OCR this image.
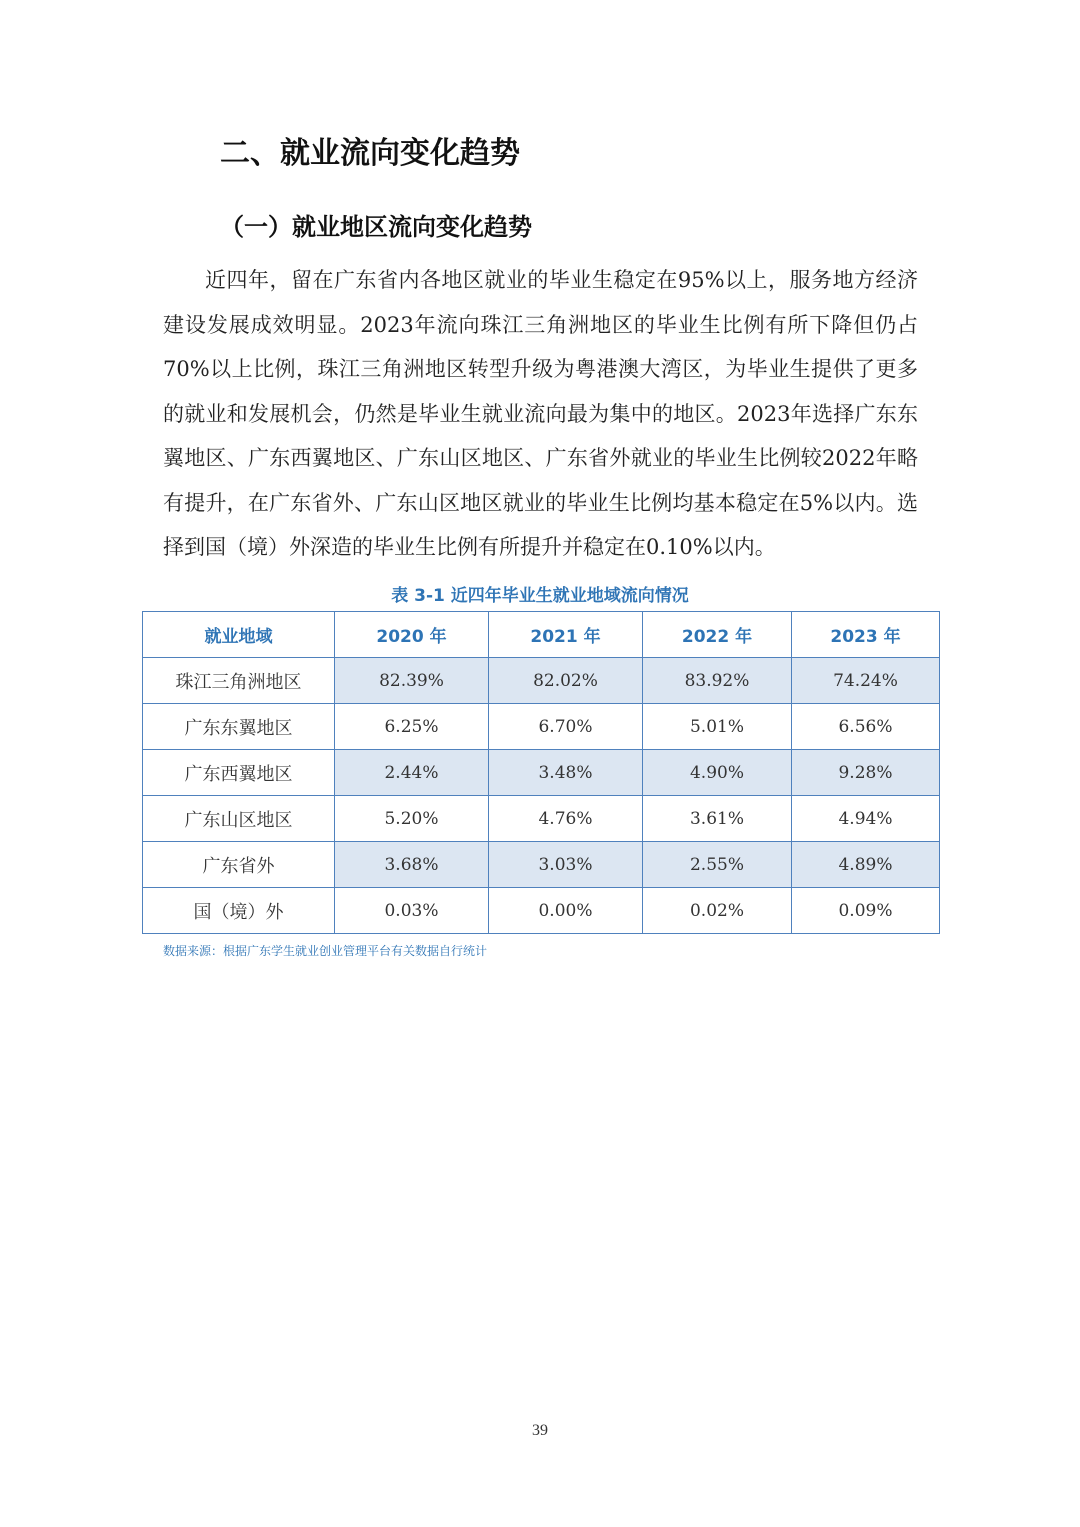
二、就业流向变化趋势
（一）就业地区流向变化趋势

近四年，留在广东省内各地区就业的毕业生稳定在95%以上，服务地方经济建设发展成效明显。2023年流向珠江三角洲地区的毕业生比例有所下降但仍占70%以上比例，珠江三角洲地区转型升级为粤港澳大湾区，为毕业生提供了更多的就业和发展机会，仍然是毕业生就业流向最为集中的地区。2023年选择广东东翼地区、广东西翼地区、广东山区地区、广东省外就业的毕业生比例较2022年略有提升，在广东省外、广东山区地区就业的毕业生比例均基本稳定在5%以内。选择到国（境）外深造的毕业生比例有所提升并稳定在0.10%以内。

表 3-1 近四年毕业生就业地域流向情况
就业地域	2020 年	2021 年	2022 年	2023 年
珠江三角洲地区	82.39%	82.02%	83.92%	74.24%
广东东翼地区	6.25%	6.70%	5.01%	6.56%
广东西翼地区	2.44%	3.48%	4.90%	9.28%
广东山区地区	5.20%	4.76%	3.61%	4.94%
广东省外	3.68%	3.03%	2.55%	4.89%
国（境）外	0.03%	0.00%	0.02%	0.09%
数据来源：根据广东学生就业创业管理平台有关数据自行统计
39
